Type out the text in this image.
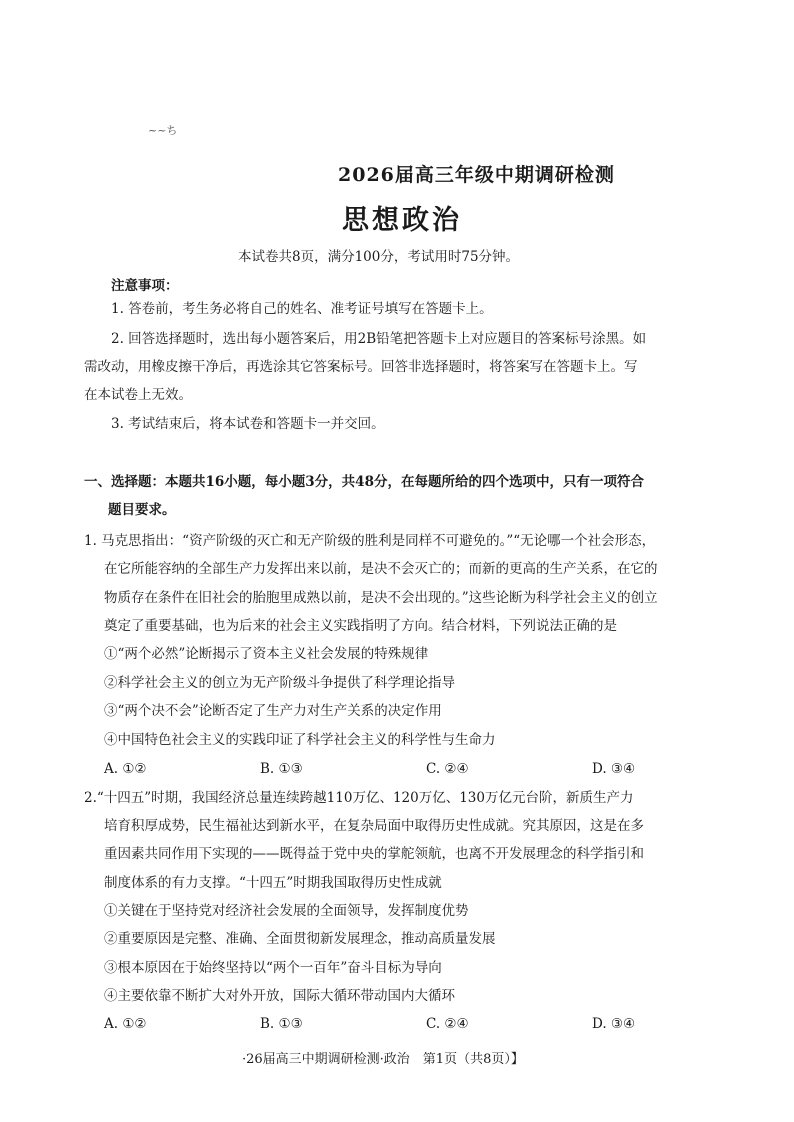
~~ち
2026届高三年级中期调研检测
思想政治
本试卷共8页，满分100分，考试用时75分钟。
注意事项：
1. 答卷前，考生务必将自己的姓名、准考证号填写在答题卡上。
2. 回答选择题时，选出每小题答案后，用2B铅笔把答题卡上对应题目的答案标号涂黑。如
需改动，用橡皮擦干净后，再选涂其它答案标号。回答非选择题时，将答案写在答题卡上。写
在本试卷上无效。
3. 考试结束后，将本试卷和答题卡一并交回。
一、选择题：本题共16小题，每小题3分，共48分，在每题所给的四个选项中，只有一项符合
题目要求。
1. 马克思指出：“资产阶级的灭亡和无产阶级的胜利是同样不可避免的。”“无论哪一个社会形态，
在它所能容纳的全部生产力发挥出来以前，是决不会灭亡的；而新的更高的生产关系，在它的
物质存在条件在旧社会的胎胞里成熟以前，是决不会出现的。”这些论断为科学社会主义的创立
奠定了重要基础，也为后来的社会主义实践指明了方向。结合材料，下列说法正确的是
①“两个必然”论断揭示了资本主义社会发展的特殊规律
②科学社会主义的创立为无产阶级斗争提供了科学理论指导
③“两个决不会”论断否定了生产力对生产关系的决定作用
④中国特色社会主义的实践印证了科学社会主义的科学性与生命力
A. ①②	B. ①③	C. ②④	D. ③④
2.“十四五”时期，我国经济总量连续跨越110万亿、120万亿、130万亿元台阶，新质生产力
培育积厚成势，民生福祉达到新水平，在复杂局面中取得历史性成就。究其原因，这是在多
重因素共同作用下实现的——既得益于党中央的掌舵领航，也离不开发展理念的科学指引和
制度体系的有力支撑。“十四五”时期我国取得历史性成就
①关键在于坚持党对经济社会发展的全面领导，发挥制度优势
②重要原因是完整、准确、全面贯彻新发展理念，推动高质量发展
③根本原因在于始终坚持以“两个一百年”奋斗目标为导向
④主要依靠不断扩大对外开放，国际大循环带动国内大循环
A. ①②	B. ①③	C. ②④	D. ③④
·26届高三中期调研检测·政治　第1页（共8页）】
